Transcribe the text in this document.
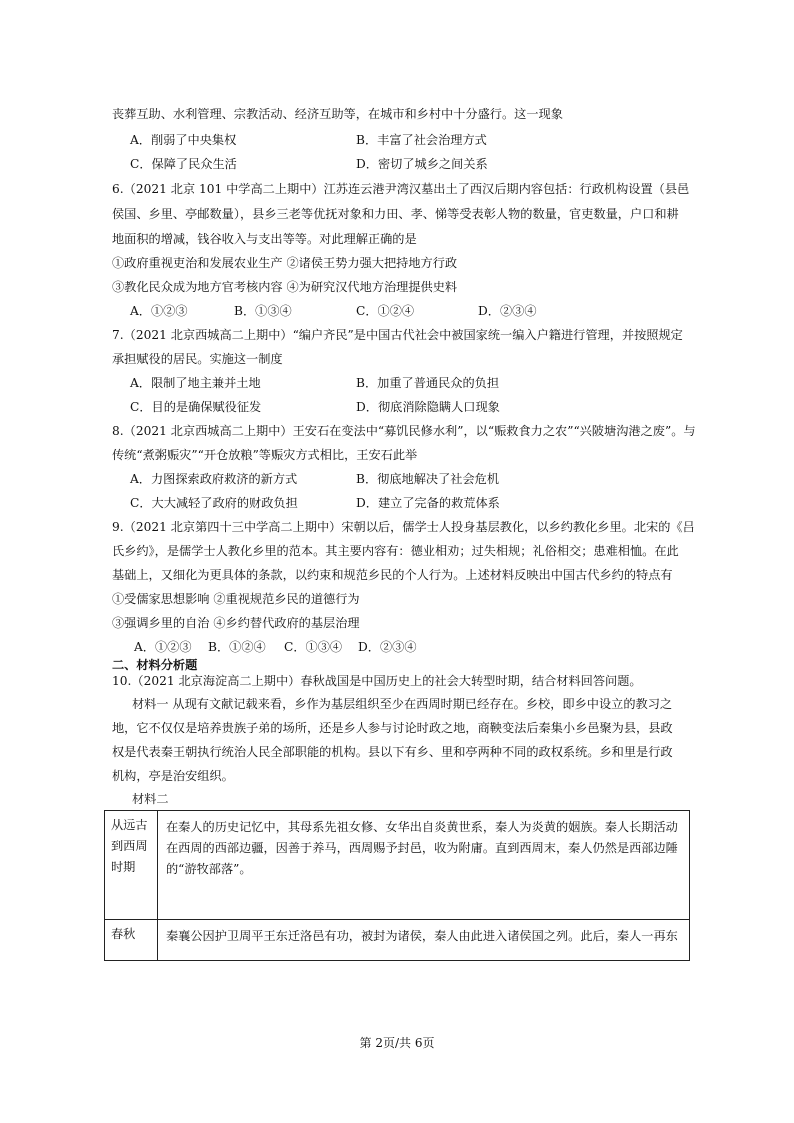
丧葬互助、水利管理、宗教活动、经济互助等，在城市和乡村中十分盛行。这一现象
A．削弱了中央集权	B．丰富了社会治理方式
C．保障了民众生活	D．密切了城乡之间关系
6.（2021 北京 101 中学高二上期中）江苏连云港尹湾汉墓出土了西汉后期内容包括：行政机构设置（县邑
侯国、乡里、亭邮数量），县乡三老等优抚对象和力田、孝、悌等受表彰人物的数量，官吏数量，户口和耕
地面积的增减，钱谷收入与支出等等。对此理解正确的是
①政府重视吏治和发展农业生产 ②诸侯王势力强大把持地方行政
③教化民众成为地方官考核内容 ④为研究汉代地方治理提供史料
A．①②③	B．①③④	C．①②④	D．②③④
7.（2021 北京西城高二上期中）“编户齐民”是中国古代社会中被国家统一编入户籍进行管理，并按照规定
承担赋役的居民。实施这一制度
A．限制了地主兼并土地	B．加重了普通民众的负担
C．目的是确保赋役征发	D．彻底消除隐瞒人口现象
8.（2021 北京西城高二上期中）王安石在变法中“募饥民修水利”，以“赈救食力之农”“兴陂塘沟港之废”。与
传统“煮粥赈灾”“开仓放粮”等赈灾方式相比，王安石此举
A．力图探索政府救济的新方式	B．彻底地解决了社会危机
C．大大减轻了政府的财政负担	D．建立了完备的救荒体系
9.（2021 北京第四十三中学高二上期中）宋朝以后，儒学士人投身基层教化，以乡约教化乡里。北宋的《吕
氏乡约》，是儒学士人教化乡里的范本。其主要内容有：德业相劝；过失相规；礼俗相交；患难相恤。在此
基础上，又细化为更具体的条款，以约束和规范乡民的个人行为。上述材料反映出中国古代乡约的特点有
①受儒家思想影响 ②重视规范乡民的道德行为
③强调乡里的自治 ④乡约替代政府的基层治理
A．①②③ B．①②④ C．①③④ D．②③④
二、材料分析题
10.（2021 北京海淀高二上期中）春秋战国是中国历史上的社会大转型时期，结合材料回答问题。
材料一 从现有文献记载来看，乡作为基层组织至少在西周时期已经存在。乡校，即乡中设立的教习之
地，它不仅仅是培养贵族子弟的场所，还是乡人参与讨论时政之地，商鞅变法后秦集小乡邑聚为县，县政
权是代表秦王朝执行统治人民全部职能的机构。县以下有乡、里和亭两种不同的政权系统。乡和里是行政
机构，亭是治安组织。
材料二
从远古到西周时期	在秦人的历史记忆中，其母系先祖女修、女华出自炎黄世系，秦人为炎黄的姻族。秦人长期活动
在西周的西部边疆，因善于养马，西周赐予封邑，收为附庸。直到西周末，秦人仍然是西部边陲
的“游牧部落”。

春秋	秦襄公因护卫周平王东迁洛邑有功，被封为诸侯，秦人由此进入诸侯国之列。此后，秦人一再东
第 2页/共 6页
